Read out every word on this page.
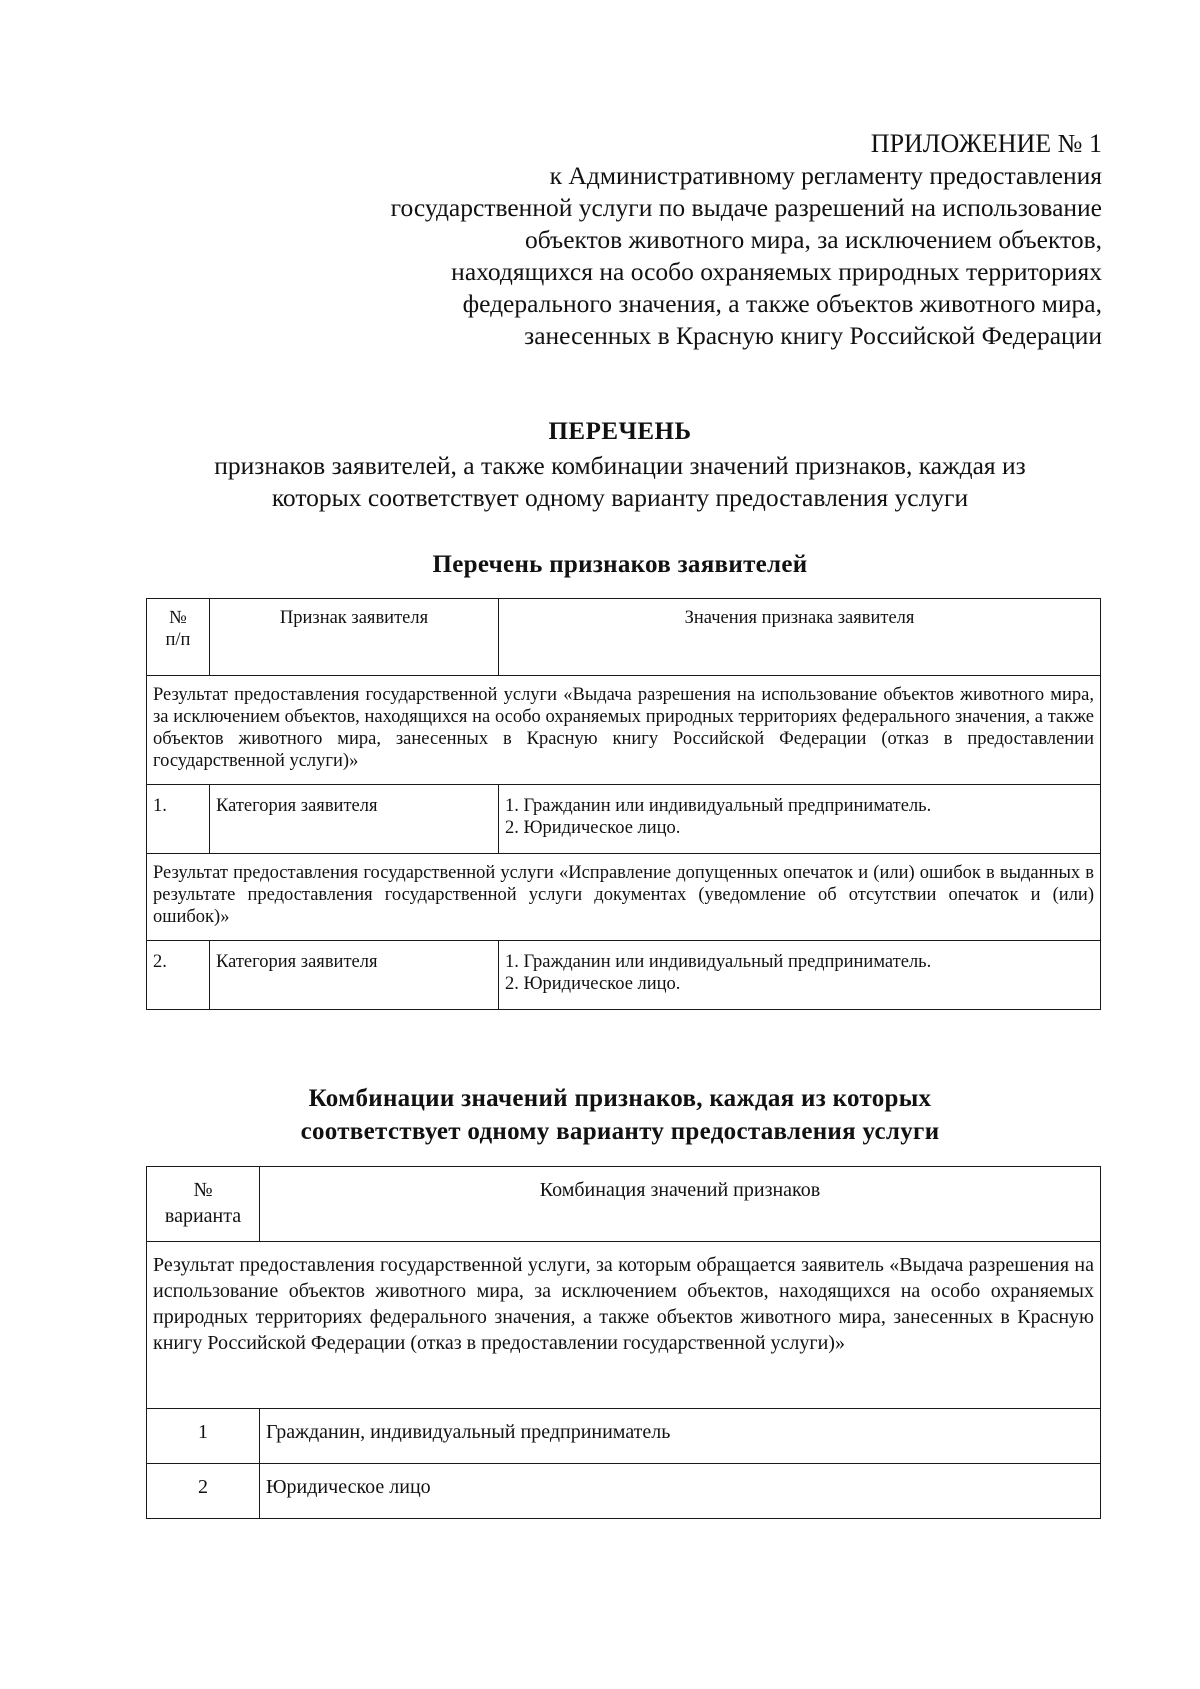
ПРИЛОЖЕНИЕ № 1
к Административному регламенту предоставления
государственной услуги по выдаче разрешений на использование
объектов животного мира, за исключением объектов,
находящихся на особо охраняемых природных территориях
федерального значения, а также объектов животного мира,
занесенных в Красную книгу Российской Федерации
ПЕРЕЧЕНЬ
признаков заявителей, а также комбинации значений признаков, каждая из
которых соответствует одному варианту предоставления услуги
Перечень признаков заявителей
№
п/п	Признак заявителя	Значения признака заявителя
Результат предоставления государственной услуги «Выдача разрешения на использование объектов животного мира, за исключением объектов, находящихся на особо охраняемых природных территориях федерального значения, а также объектов животного мира, занесенных в Красную книгу Российской Федерации (отказ в предоставлении государственной услуги)»		
1.	Категория заявителя	1. Гражданин или индивидуальный предприниматель.
2. Юридическое лицо.

Результат предоставления государственной услуги «Исправление допущенных опечаток и (или) ошибок в выданных в результате предоставления государственной услуги документах (уведомление об отсутствии опечаток и (или) ошибок)»		
2.	Категория заявителя	1. Гражданин или индивидуальный предприниматель.
2. Юридическое лицо.
Комбинации значений признаков, каждая из которых
соответствует одному варианту предоставления услуги
№
варианта	Комбинация значений признаков
Результат предоставления государственной услуги, за которым обращается заявитель «Выдача разрешения на использование объектов животного мира, за исключением объектов, находящихся на особо охраняемых природных территориях федерального значения, а также объектов животного мира, занесенных в Красную книгу Российской Федерации (отказ в предоставлении государственной услуги)»	
1	Гражданин, индивидуальный предприниматель
2	Юридическое лицо
